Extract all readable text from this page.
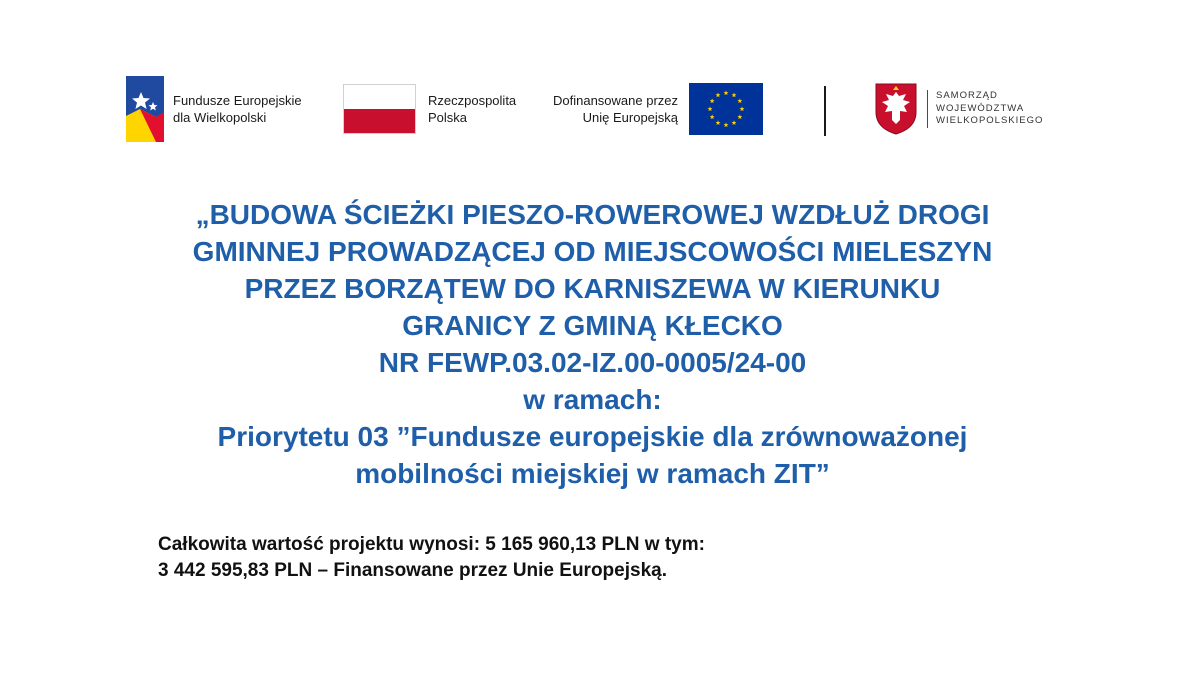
Fundusze Europejskie
dla Wielkopolski
Rzeczpospolita
Polska
Dofinansowane przez
Unię Europejską
SAMORZĄD
WOJEWÓDZTWA
WIELKOPOLSKIEGO
„BUDOWA ŚCIEŻKI PIESZO-ROWEROWEJ WZDŁUŻ DROGI
GMINNEJ PROWADZĄCEJ OD MIEJSCOWOŚCI MIELESZYN
PRZEZ BORZĄTEW DO KARNISZEWA W KIERUNKU
GRANICY Z GMINĄ KŁECKO
NR FEWP.03.02-IZ.00-0005/24-00
w ramach:
Priorytetu 03 ”Fundusze europejskie dla zrównoważonej
mobilności miejskiej w ramach ZIT”
Całkowita wartość projektu wynosi: 5 165 960,13 PLN w tym:
3 442 595,83 PLN – Finansowane przez Unie Europejską.
